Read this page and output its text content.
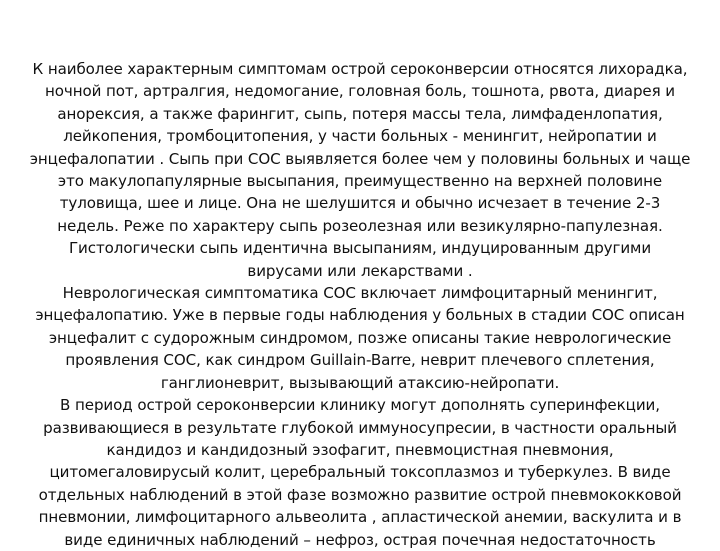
К наиболее характерным симптомам острой сероконверсии относятся лихорадка,
ночной пот, артралгия, недомогание, головная боль, тошнота, рвота, диарея и
анорексия, а также фарингит, сыпь, потеря массы тела, лимфаденлопатия,
лейкопения, тромбоцитопения, у части больных - менингит, нейропатии и
энцефалопатии . Сыпь при СОС выявляется более чем у половины больных и чаще
это макулопапулярные высыпания, преимущественно на верхней половине
туловища, шее и лице. Она не шелушится и обычно исчезает в течение 2-3
недель. Реже по характеру сыпь розеолезная или везикулярно-папулезная.
Гистологически сыпь идентична высыпаниям, индуцированным другими
вирусами или лекарствами .
Неврологическая симптоматика СОС включает лимфоцитарный менингит,
энцефалопатию. Уже в первые годы наблюдения у больных в стадии СОС описан
энцефалит с судорожным синдромом, позже описаны такие неврологические
проявления СОС, как синдром Guillain-Barre, неврит плечевого сплетения,
ганглионеврит, вызывающий атаксию-нейропати.
В период острой сероконверсии клинику могут дополнять суперинфекции,
развивающиеся в результате глубокой иммуносупресии, в частности оральный
кандидоз и кандидозный эзофагит, пневмоцистная пневмония,
цитомегаловирусый колит, церебральный токсоплазмоз и туберкулез. В виде
отдельных наблюдений в этой фазе возможно развитие острой пневмококковой
пневмонии, лимфоцитарного альвеолита , апластической анемии, васкулита и в
виде единичных наблюдений – нефроз, острая почечная недостаточность
